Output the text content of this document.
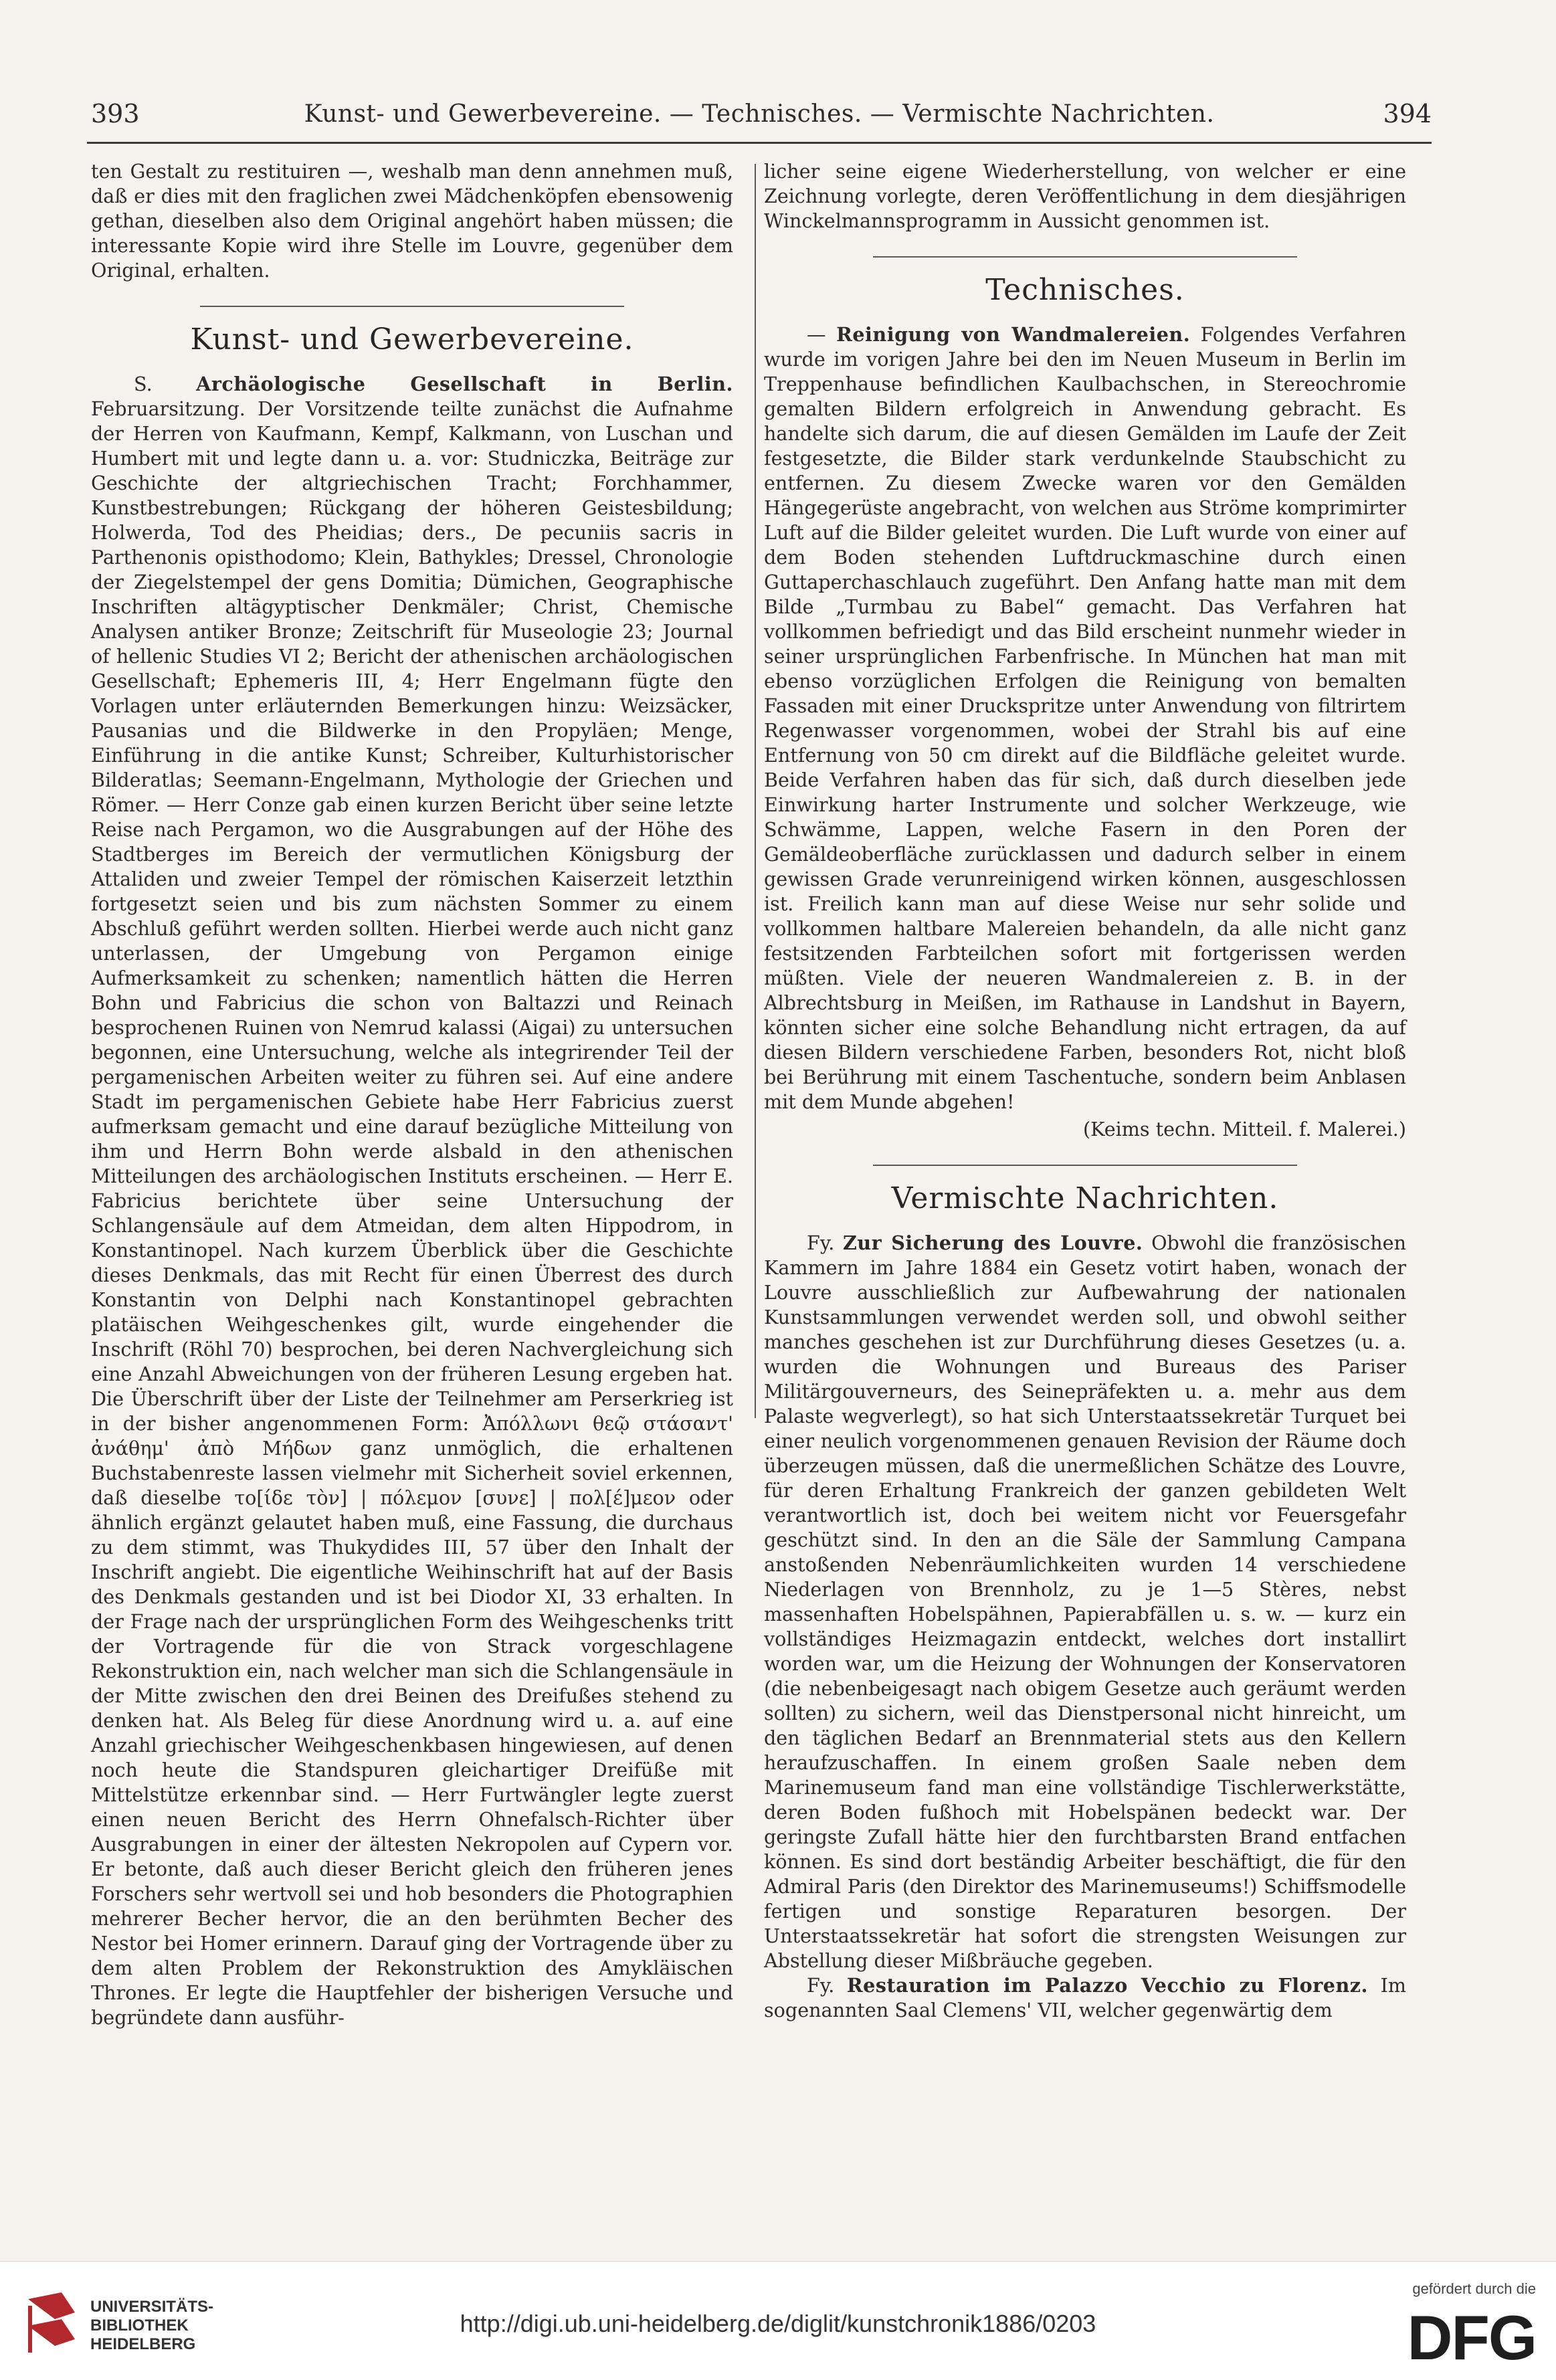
393	Kunst- und Gewerbevereine. — Technisches. — Vermischte Nachrichten.	394

ten Gestalt zu restituiren —, weshalb man denn annehmen muß, daß er dies mit den fraglichen zwei Mädchenköpfen ebensowenig gethan, dieselben also dem Original angehört haben müssen; die interessante Kopie wird ihre Stelle im Louvre, gegenüber dem Original, erhalten.

Kunst- und Gewerbevereine.

S. Archäologische Gesellschaft in Berlin. Februarsitzung. Der Vorsitzende teilte zunächst die Aufnahme der Herren von Kaufmann, Kempf, Kalkmann, von Luschan und Humbert mit und legte dann u. a. vor: Studniczka, Beiträge zur Geschichte der altgriechischen Tracht; Forchhammer, Kunstbestrebungen; Rückgang der höheren Geistesbildung; Holwerda, Tod des Pheidias; ders., De pecuniis sacris in Parthenonis opisthodomo; Klein, Bathykles; Dressel, Chronologie der Ziegelstempel der gens Domitia; Dümichen, Geographische Inschriften altägyptischer Denkmäler; Christ, Chemische Analysen antiker Bronze; Zeitschrift für Museologie 23; Journal of hellenic Studies VI 2; Bericht der athenischen archäologischen Gesellschaft; Ephemeris III, 4; Herr Engelmann fügte den Vorlagen unter erläuternden Bemerkungen hinzu: Weizsäcker, Pausanias und die Bildwerke in den Propyläen; Menge, Einführung in die antike Kunst; Schreiber, Kulturhistorischer Bilderatlas; Seemann-Engelmann, Mythologie der Griechen und Römer. — Herr Conze gab einen kurzen Bericht über seine letzte Reise nach Pergamon, wo die Ausgrabungen auf der Höhe des Stadtberges im Bereich der vermutlichen Königsburg der Attaliden und zweier Tempel der römischen Kaiserzeit letzthin fortgesetzt seien und bis zum nächsten Sommer zu einem Abschluß geführt werden sollten. Hierbei werde auch nicht ganz unterlassen, der Umgebung von Pergamon einige Aufmerksamkeit zu schenken; namentlich hätten die Herren Bohn und Fabricius die schon von Baltazzi und Reinach besprochenen Ruinen von Nemrud kalassi (Aigai) zu untersuchen begonnen, eine Untersuchung, welche als integrirender Teil der pergamenischen Arbeiten weiter zu führen sei. Auf eine andere Stadt im pergamenischen Gebiete habe Herr Fabricius zuerst aufmerksam gemacht und eine darauf bezügliche Mitteilung von ihm und Herrn Bohn werde alsbald in den athenischen Mitteilungen des archäologischen Instituts erscheinen. — Herr E. Fabricius berichtete über seine Untersuchung der Schlangensäule auf dem Atmeidan, dem alten Hippodrom, in Konstantinopel. Nach kurzem Überblick über die Geschichte dieses Denkmals, das mit Recht für einen Überrest des durch Konstantin von Delphi nach Konstantinopel gebrachten platäischen Weihgeschenkes gilt, wurde eingehender die Inschrift (Röhl 70) besprochen, bei deren Nachvergleichung sich eine Anzahl Abweichungen von der früheren Lesung ergeben hat. Die Überschrift über der Liste der Teilnehmer am Perserkrieg ist in der bisher angenommenen Form: Ἀπόλλωνι θεῷ στάσαντ' ἀνάθημ' ἀπὸ Μήδων ganz unmöglich, die erhaltenen Buchstabenreste lassen vielmehr mit Sicherheit soviel erkennen, daß dieselbe το[ίδε τὸν] | πόλεμον [συνε] | πολ[έ]μεον oder ähnlich ergänzt gelautet haben muß, eine Fassung, die durchaus zu dem stimmt, was Thukydides III, 57 über den Inhalt der Inschrift angiebt. Die eigentliche Weihinschrift hat auf der Basis des Denkmals gestanden und ist bei Diodor XI, 33 erhalten. In der Frage nach der ursprünglichen Form des Weihgeschenks tritt der Vortragende für die von Strack vorgeschlagene Rekonstruktion ein, nach welcher man sich die Schlangensäule in der Mitte zwischen den drei Beinen des Dreifußes stehend zu denken hat. Als Beleg für diese Anordnung wird u. a. auf eine Anzahl griechischer Weihgeschenkbasen hingewiesen, auf denen noch heute die Standspuren gleichartiger Dreifüße mit Mittelstütze erkennbar sind. — Herr Furtwängler legte zuerst einen neuen Bericht des Herrn Ohnefalsch-Richter über Ausgrabungen in einer der ältesten Nekropolen auf Cypern vor. Er betonte, daß auch dieser Bericht gleich den früheren jenes Forschers sehr wertvoll sei und hob besonders die Photographien mehrerer Becher hervor, die an den berühmten Becher des Nestor bei Homer erinnern. Darauf ging der Vortragende über zu dem alten Problem der Rekonstruktion des Amykläischen Thrones. Er legte die Hauptfehler der bisherigen Versuche und begründete dann ausführ-

licher seine eigene Wiederherstellung, von welcher er eine Zeichnung vorlegte, deren Veröffentlichung in dem diesjährigen Winckelmannsprogramm in Aussicht genommen ist.

Technisches.

— Reinigung von Wandmalereien. Folgendes Verfahren wurde im vorigen Jahre bei den im Neuen Museum in Berlin im Treppenhause befindlichen Kaulbachschen, in Stereochromie gemalten Bildern erfolgreich in Anwendung gebracht. Es handelte sich darum, die auf diesen Gemälden im Laufe der Zeit festgesetzte, die Bilder stark verdunkelnde Staubschicht zu entfernen. Zu diesem Zwecke waren vor den Gemälden Hängegerüste angebracht, von welchen aus Ströme komprimirter Luft auf die Bilder geleitet wurden. Die Luft wurde von einer auf dem Boden stehenden Luftdruckmaschine durch einen Guttaperchaschlauch zugeführt. Den Anfang hatte man mit dem Bilde „Turmbau zu Babel“ gemacht. Das Verfahren hat vollkommen befriedigt und das Bild erscheint nunmehr wieder in seiner ursprünglichen Farbenfrische. In München hat man mit ebenso vorzüglichen Erfolgen die Reinigung von bemalten Fassaden mit einer Druckspritze unter Anwendung von filtrirtem Regenwasser vorgenommen, wobei der Strahl bis auf eine Entfernung von 50 cm direkt auf die Bildfläche geleitet wurde. Beide Verfahren haben das für sich, daß durch dieselben jede Einwirkung harter Instrumente und solcher Werkzeuge, wie Schwämme, Lappen, welche Fasern in den Poren der Gemäldeoberfläche zurücklassen und dadurch selber in einem gewissen Grade verunreinigend wirken können, ausgeschlossen ist. Freilich kann man auf diese Weise nur sehr solide und vollkommen haltbare Malereien behandeln, da alle nicht ganz festsitzenden Farbteilchen sofort mit fortgerissen werden müßten. Viele der neueren Wandmalereien z. B. in der Albrechtsburg in Meißen, im Rathause in Landshut in Bayern, könnten sicher eine solche Behandlung nicht ertragen, da auf diesen Bildern verschiedene Farben, besonders Rot, nicht bloß bei Berührung mit einem Taschentuche, sondern beim Anblasen mit dem Munde abgehen!

(Keims techn. Mitteil. f. Malerei.)
Vermischte Nachrichten.

Fy. Zur Sicherung des Louvre. Obwohl die französischen Kammern im Jahre 1884 ein Gesetz votirt haben, wonach der Louvre ausschließlich zur Aufbewahrung der nationalen Kunstsammlungen verwendet werden soll, und obwohl seither manches geschehen ist zur Durchführung dieses Gesetzes (u. a. wurden die Wohnungen und Bureaus des Pariser Militärgouverneurs, des Seinepräfekten u. a. mehr aus dem Palaste wegverlegt), so hat sich Unterstaatssekretär Turquet bei einer neulich vorgenommenen genauen Revision der Räume doch überzeugen müssen, daß die unermeßlichen Schätze des Louvre, für deren Erhaltung Frankreich der ganzen gebildeten Welt verantwortlich ist, doch bei weitem nicht vor Feuersgefahr geschützt sind. In den an die Säle der Sammlung Campana anstoßenden Nebenräumlichkeiten wurden 14 verschiedene Niederlagen von Brennholz, zu je 1—5 Stères, nebst massenhaften Hobelspähnen, Papierabfällen u. s. w. — kurz ein vollständiges Heizmagazin entdeckt, welches dort installirt worden war, um die Heizung der Wohnungen der Konservatoren (die nebenbeigesagt nach obigem Gesetze auch geräumt werden sollten) zu sichern, weil das Dienstpersonal nicht hinreicht, um den täglichen Bedarf an Brennmaterial stets aus den Kellern heraufzuschaffen. In einem großen Saale neben dem Marinemuseum fand man eine vollständige Tischlerwerkstätte, deren Boden fußhoch mit Hobelspänen bedeckt war. Der geringste Zufall hätte hier den furchtbarsten Brand entfachen können. Es sind dort beständig Arbeiter beschäftigt, die für den Admiral Paris (den Direktor des Marinemuseums!) Schiffsmodelle fertigen und sonstige Reparaturen besorgen. Der Unterstaatssekretär hat sofort die strengsten Weisungen zur Abstellung dieser Mißbräuche gegeben.

Fy. Restauration im Palazzo Vecchio zu Florenz. Im sogenannten Saal Clemens' VII, welcher gegenwärtig dem

UNIVERSITÄTS-
BIBLIOTHEK
HEIDELBERG
http://digi.ub.uni-heidelberg.de/diglit/kunstchronik1886/0203
gefördert durch die
DFG
